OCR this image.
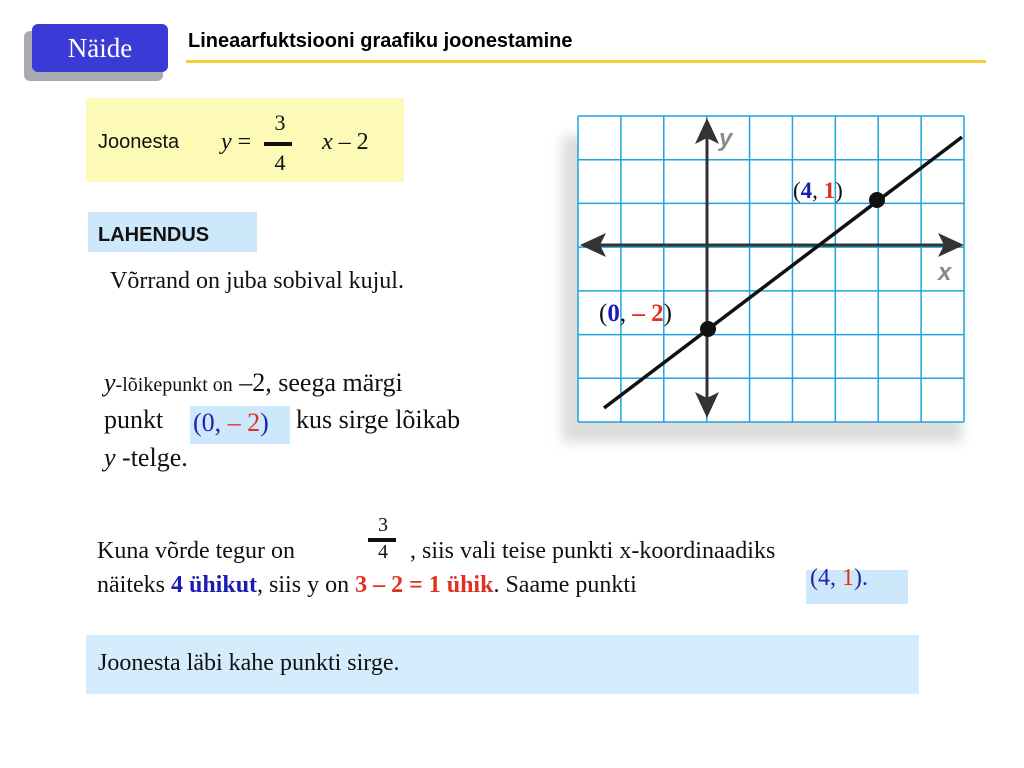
Näide	Lineaarfuktsiooni graafiku joonestamine
Joonesta y =
3
4
x – 2
LAHENDUS
Võrrand on juba sobival kujul.
y-lõikepunkt on –2, seega märgi
punkt (0, – 2) kus sirge lõikab
y -telge.
Kuna võrde tegur on
3
4 , siis vali teise punkti x-koordinaadiks
näiteks 4 ühikut, siis y on 3 – 2 = 1 ühik. Saame punkti	(4, 1).
Joonesta läbi kahe punkti sirge.
x
y
(4, 1)
(0, – 2)
